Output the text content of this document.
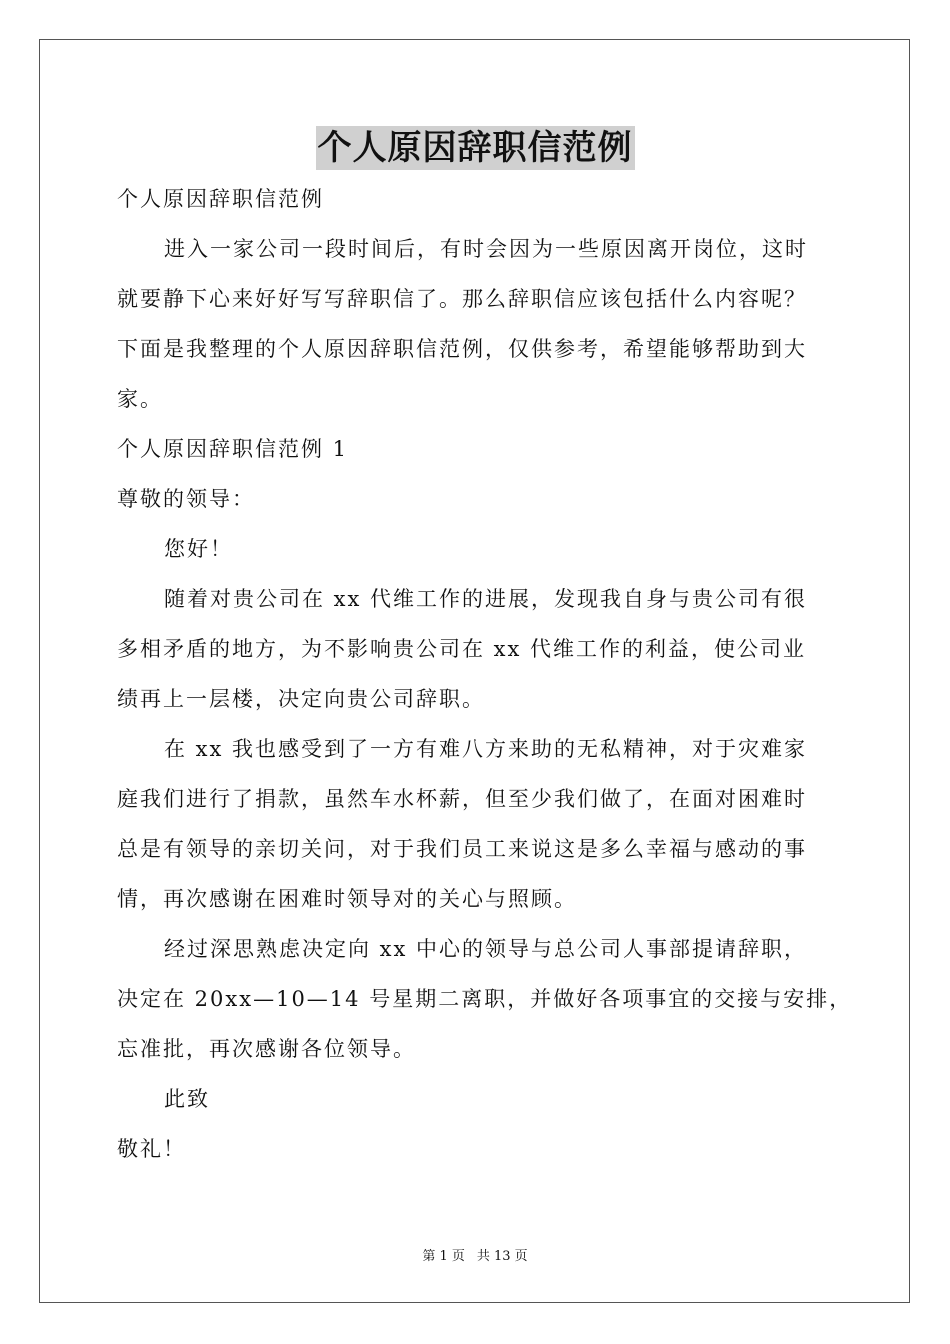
个人原因辞职信范例
个人原因辞职信范例
进入一家公司一段时间后，有时会因为一些原因离开岗位，这时
就要静下心来好好写写辞职信了。那么辞职信应该包括什么内容呢？
下面是我整理的个人原因辞职信范例，仅供参考，希望能够帮助到大
家。
个人原因辞职信范例 1
尊敬的领导：
您好！
随着对贵公司在 xx 代维工作的进展，发现我自身与贵公司有很
多相矛盾的地方，为不影响贵公司在 xx 代维工作的利益，使公司业
绩再上一层楼，决定向贵公司辞职。
在 xx 我也感受到了一方有难八方来助的无私精神，对于灾难家
庭我们进行了捐款，虽然车水杯薪，但至少我们做了，在面对困难时
总是有领导的亲切关问，对于我们员工来说这是多么幸福与感动的事
情，再次感谢在困难时领导对的关心与照顾。
经过深思熟虑决定向 xx 中心的领导与总公司人事部提请辞职，
决定在 20xx—10—14 号星期二离职，并做好各项事宜的交接与安排，
忘准批，再次感谢各位领导。
此致
敬礼！
第 1 页 共 13 页
